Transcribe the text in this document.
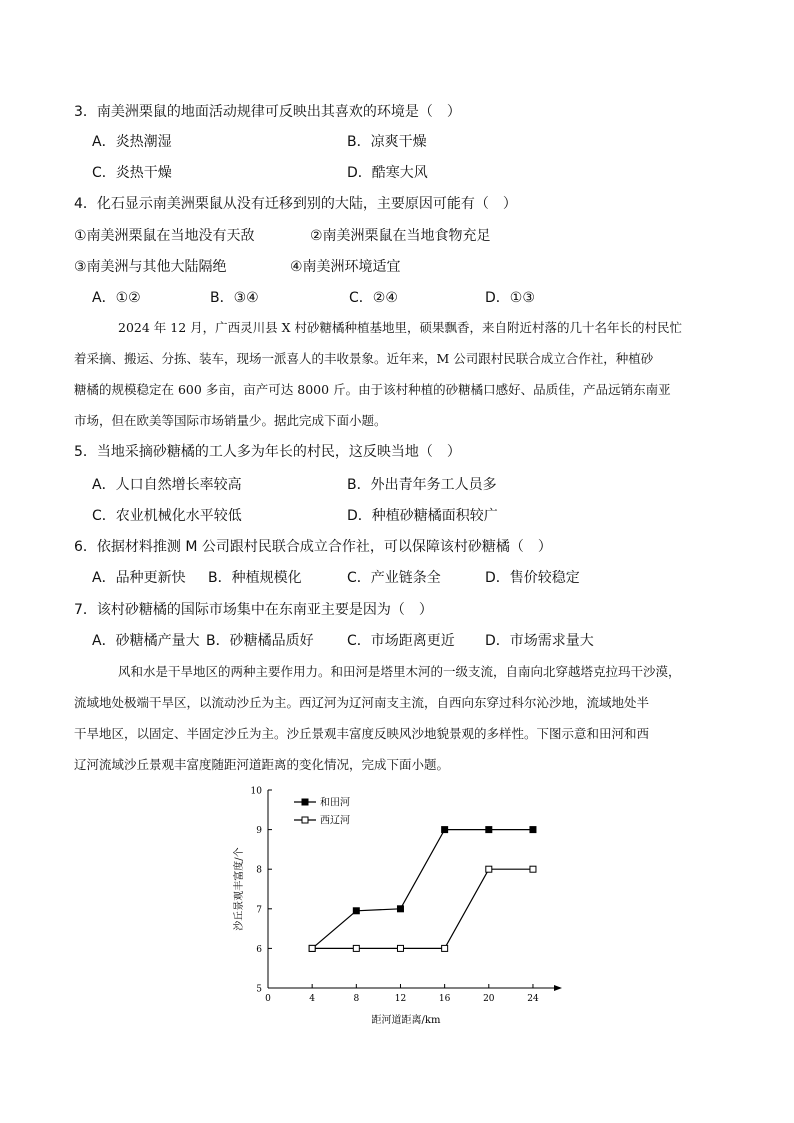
3．南美洲栗鼠的地面活动规律可反映出其喜欢的环境是（　）
A．炎热潮湿	B．凉爽干燥
C．炎热干燥	D．酷寒大风
4．化石显示南美洲栗鼠从没有迁移到别的大陆，主要原因可能有（　）
①南美洲栗鼠在当地没有天敌	②南美洲栗鼠在当地食物充足
③南美洲与其他大陆隔绝	④南美洲环境适宜
A．①②	B．③④	C．②④	D．①③
2024 年 12 月，广西灵川县 X 村砂糖橘种植基地里，硕果飘香，来自附近村落的几十名年长的村民忙
着采摘、搬运、分拣、装车，现场一派喜人的丰收景象。近年来，M 公司跟村民联合成立合作社，种植砂
糖橘的规模稳定在 600 多亩，亩产可达 8000 斤。由于该村种植的砂糖橘口感好、品质佳，产品远销东南亚
市场，但在欧美等国际市场销量少。据此完成下面小题。
5．当地采摘砂糖橘的工人多为年长的村民，这反映当地（　）
A．人口自然增长率较高	B．外出青年务工人员多
C．农业机械化水平较低	D．种植砂糖橘面积较广
6．依据材料推测 M 公司跟村民联合成立合作社，可以保障该村砂糖橘（　）
A．品种更新快 B．种植规模化	C．产业链条全	D．售价较稳定
7．该村砂糖橘的国际市场集中在东南亚主要是因为（　）
A．砂糖橘产量大 B．砂糖橘品质好 C．市场距离更近 D．市场需求量大
风和水是干旱地区的两种主要作用力。和田河是塔里木河的一级支流，自南向北穿越塔克拉玛干沙漠，
流域地处极端干旱区，以流动沙丘为主。西辽河为辽河南支主流，自西向东穿过科尔沁沙地，流域地处半
干旱地区，以固定、半固定沙丘为主。沙丘景观丰富度反映风沙地貌景观的多样性。下图示意和田河和西
辽河流域沙丘景观丰富度随距河道距离的变化情况，完成下面小题。
5
6
7
8
9
10
0	4	8	12	16	20	24
距河道距离/km
沙丘景观丰富度/个
和田河
西辽河
